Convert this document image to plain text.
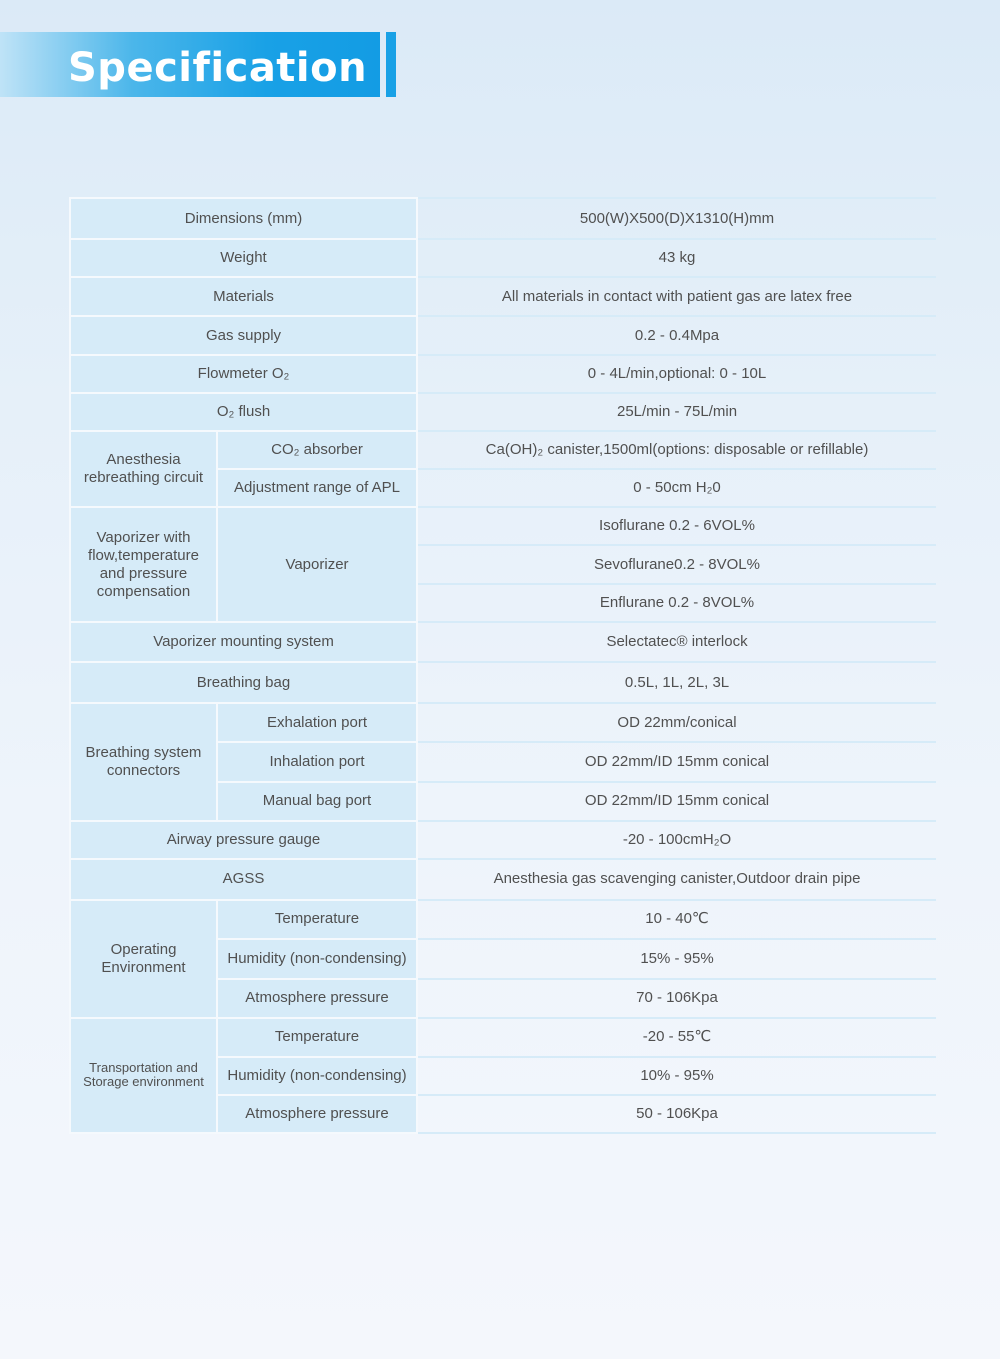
Specification
Dimensions (mm)		500(W)X500(D)X1310(H)mm
Weight		43 kg
Materials		All materials in contact with patient gas are latex free
Gas supply		0.2 - 0.4Mpa
Flowmeter O₂		0 - 4L/min,optional: 0 - 10L
O₂ flush		25L/min - 75L/min
Anesthesia rebreathing circuit	CO₂ absorber	Ca(OH)₂ canister,1500ml(options: disposable or refillable)
	Adjustment range of APL	0 - 50cm H₂0
Vaporizer with flow,temperature and pressure compensation	Vaporizer	Isoflurane 0.2 - 6VOL%
		Sevoflurane0.2 - 8VOL%
		Enflurane 0.2 - 8VOL%
Vaporizer mounting system		Selectatec® interlock
Breathing bag		0.5L, 1L, 2L, 3L
Breathing system connectors	Exhalation port	OD 22mm/conical
	Inhalation port	OD 22mm/ID 15mm conical
	Manual bag port	OD 22mm/ID 15mm conical
Airway pressure gauge		-20 - 100cmH₂O
AGSS		Anesthesia gas scavenging canister,Outdoor drain pipe
Operating Environment	Temperature	10 - 40℃
	Humidity (non-condensing)	15% - 95%
	Atmosphere pressure	70 - 106Kpa
Transportation and Storage environment	Temperature	-20 - 55℃
	Humidity (non-condensing)	10% - 95%
	Atmosphere pressure	50 - 106Kpa
